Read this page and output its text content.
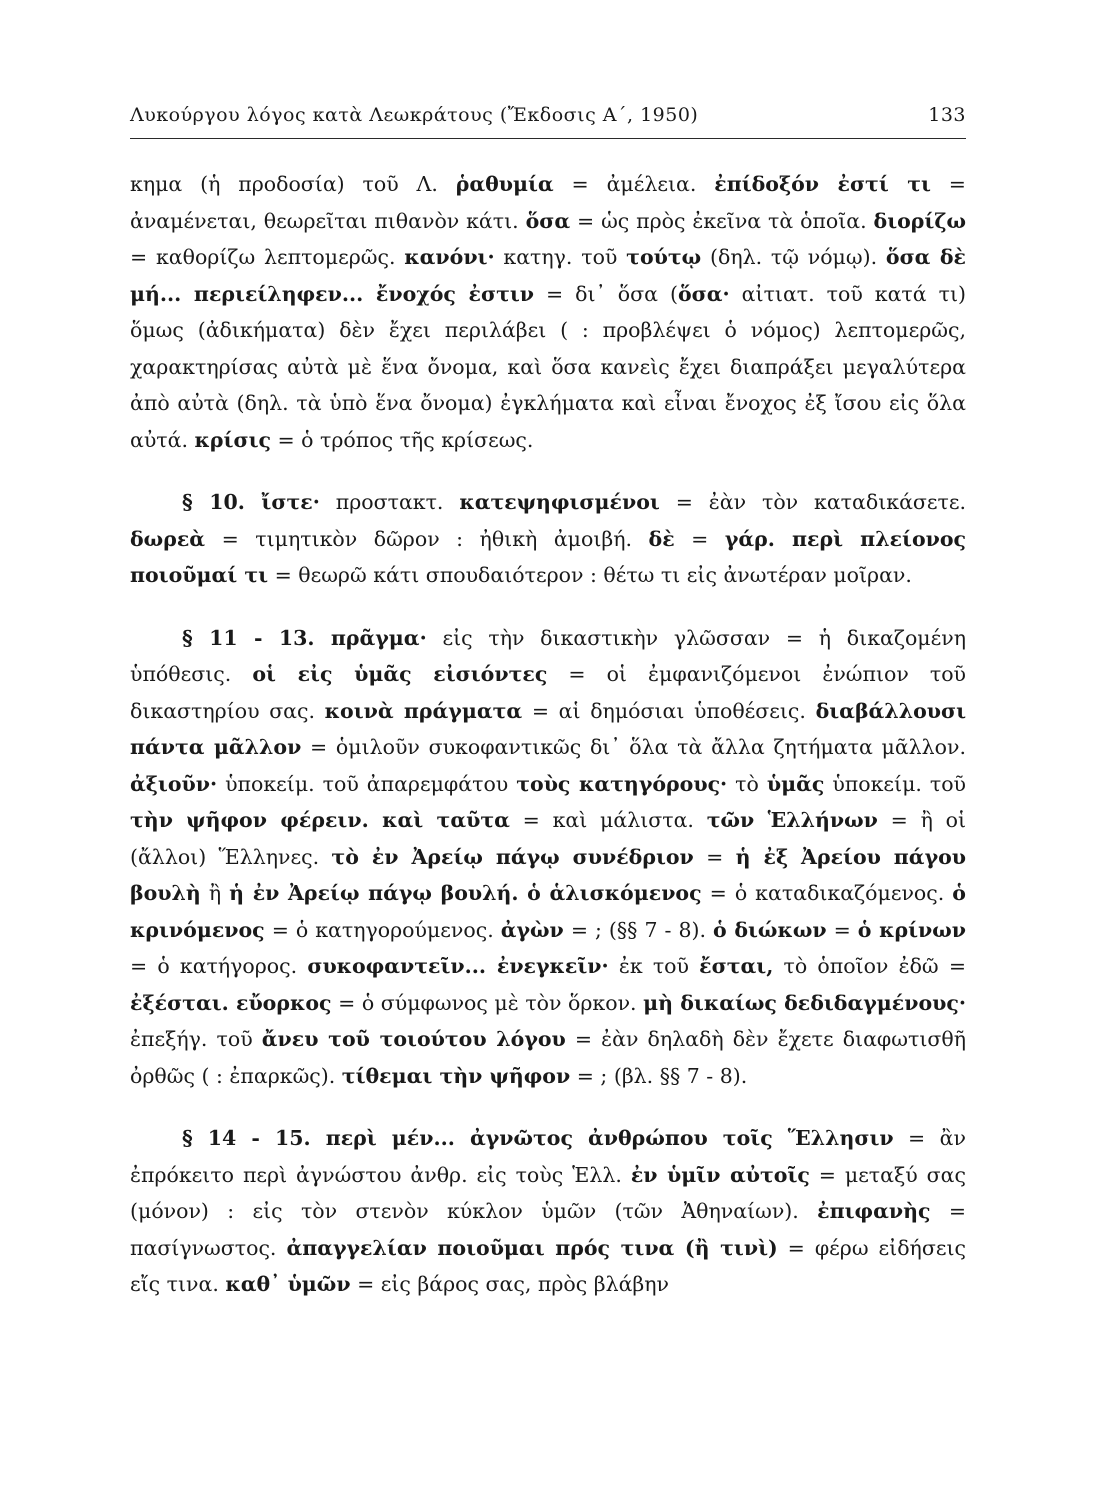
Λυκούργου λόγος κατὰ Λεωκράτους (Ἔκδοσις Α΄, 1950)	133

κημα (ἡ προδοσία) τοῦ Λ. ῥαθυμία = ἀμέλεια. ἐπίδοξόν ἐστί τι = ἀναμένεται, θεωρεῖται πιθανὸν κάτι. ὅσα = ὡς πρὸς ἐκεῖνα τὰ ὁποῖα. διορίζω = καθορίζω λεπτομερῶς. κανόνι· κατηγ. τοῦ τούτῳ (δηλ. τῷ νόμῳ). ὅσα δὲ μή... περιείληφεν... ἔνοχός ἐστιν = δι᾽ ὅσα (ὅσα· αἰτιατ. τοῦ κατά τι) ὅμως (ἀδικήματα) δὲν ἔχει περιλάβει ( : προβλέψει ὁ νόμος) λεπτομερῶς, χαρακτηρίσας αὐτὰ μὲ ἕνα ὄνομα, καὶ ὅσα κανεὶς ἔχει διαπράξει μεγαλύτερα ἀπὸ αὐτὰ (δηλ. τὰ ὑπὸ ἕνα ὄνομα) ἐγκλήματα καὶ εἶναι ἔνοχος ἐξ ἴσου εἰς ὅλα αὐτά. κρίσις = ὁ τρόπος τῆς κρίσεως.

§ 10. ἴστε· προστακτ. κατεψηφισμένοι = ἐὰν τὸν καταδικάσετε. δωρεὰ = τιμητικὸν δῶρον : ἠθικὴ ἀμοιβή. δὲ = γάρ. περὶ πλείονος ποιοῦμαί τι = θεωρῶ κάτι σπουδαιότερον : θέτω τι εἰς ἀνωτέραν μοῖραν.

§ 11 - 13. πρᾶγμα· εἰς τὴν δικαστικὴν γλῶσσαν = ἡ δικαζομένη ὑπόθεσις. οἱ εἰς ὑμᾶς εἰσιόντες = οἱ ἐμφανιζόμενοι ἐνώπιον τοῦ δικαστηρίου σας. κοινὰ πράγματα = αἱ δημόσιαι ὑποθέσεις. διαβάλλουσι πάντα μᾶλλον = ὁμιλοῦν συκοφαντικῶς δι᾽ ὅλα τὰ ἄλλα ζητήματα μᾶλλον. ἀξιοῦν· ὑποκείμ. τοῦ ἀπαρεμφάτου τοὺς κατηγόρους· τὸ ὑμᾶς ὑποκείμ. τοῦ τὴν ψῆφον φέρειν. καὶ ταῦτα = καὶ μάλιστα. τῶν Ἑλλήνων = ἢ οἱ (ἄλλοι) Ἕλληνες. τὸ ἐν Ἀρείῳ πάγῳ συνέδριον = ἡ ἐξ Ἀρείου πάγου βουλὴ ἢ ἡ ἐν Ἀρείῳ πάγῳ βουλή. ὁ ἁλισκόμενος = ὁ καταδικαζόμενος. ὁ κρινόμενος = ὁ κατηγορούμενος. ἀγὼν = ; (§§ 7 - 8). ὁ διώκων = ὁ κρίνων = ὁ κατήγορος. συκοφαντεῖν... ἐνεγκεῖν· ἐκ τοῦ ἔσται, τὸ ὁποῖον ἐδῶ = ἐξέσται. εὔορκος = ὁ σύμφωνος μὲ τὸν ὅρκον. μὴ δικαίως δεδιδαγμένους· ἐπεξήγ. τοῦ ἄνευ τοῦ τοιούτου λόγου = ἐὰν δηλαδὴ δὲν ἔχετε διαφωτισθῆ ὀρθῶς ( : ἐπαρκῶς). τίθεμαι τὴν ψῆφον = ; (βλ. §§ 7 - 8).

§ 14 - 15. περὶ μέν... ἀγνῶτος ἀνθρώπου τοῖς Ἕλλησιν = ἂν ἐπρόκειτο περὶ ἀγνώστου ἀνθρ. εἰς τοὺς Ἑλλ. ἐν ὑμῖν αὐτοῖς = μεταξύ σας (μόνον) : εἰς τὸν στενὸν κύκλον ὑμῶν (τῶν Ἀθηναίων). ἐπιφανὴς = πασίγνωστος. ἀπαγγελίαν ποιοῦμαι πρός τινα (ἢ τινὶ) = φέρω εἰδήσεις εἴς τινα. καθ᾽ ὑμῶν = εἰς βάρος σας, πρὸς βλάβην
